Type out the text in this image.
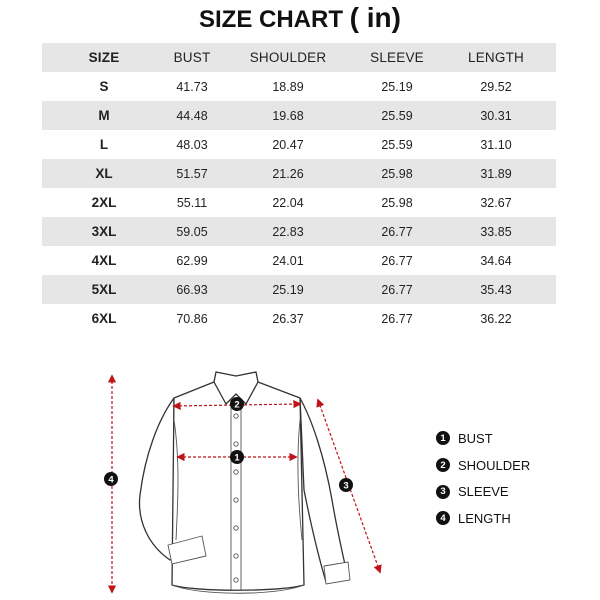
SIZE CHART ( in)
SIZE	BUST	SHOULDER	SLEEVE	LENGTH
S	41.73	18.89	25.19	29.52
M	44.48	19.68	25.59	30.31
L	48.03	20.47	25.59	31.10
XL	51.57	21.26	25.98	31.89
2XL	55.11	22.04	25.98	32.67
3XL	59.05	22.83	26.77	33.85
4XL	62.99	24.01	26.77	34.64
5XL	66.93	25.19	26.77	35.43
6XL	70.86	26.37	26.77	36.22
4
2
1
3
1 BUST
2 SHOULDER
3 SLEEVE
4 LENGTH
